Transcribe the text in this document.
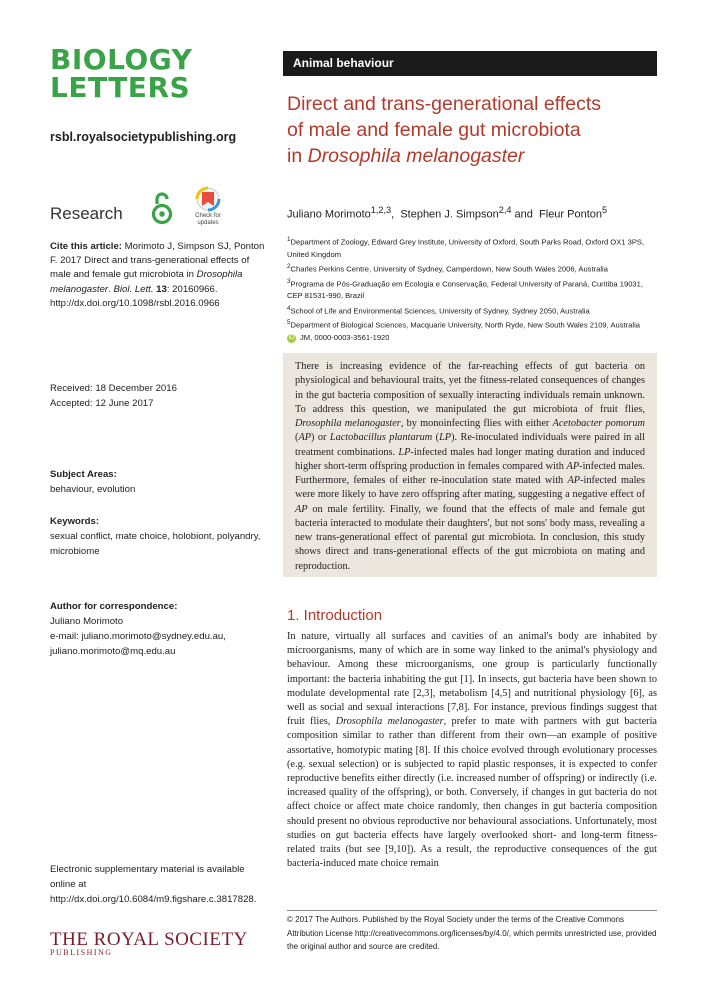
BIOLOGY
LETTERS
rsbl.royalsocietypublishing.org
Research	Check for
updates
Cite this article: Morimoto J, Simpson SJ, Ponton F. 2017 Direct and trans-generational effects of male and female gut microbiota in Drosophila melanogaster. Biol. Lett. 13: 20160966.
http://dx.doi.org/10.1098/rsbl.2016.0966
Received: 18 December 2016
Accepted: 12 June 2017
Subject Areas:
behaviour, evolution
Keywords:
sexual conflict, mate choice, holobiont, polyandry, microbiome
Author for correspondence:
Juliano Morimoto
e-mail: juliano.morimoto@sydney.edu.au,
juliano.morimoto@mq.edu.au
Electronic supplementary material is available online at http://dx.doi.org/10.6084/m9.figshare.c.3817828.
THE ROYAL SOCIETY
PUBLISHING
Animal behaviour
Direct and trans-generational effects
of male and female gut microbiota
in Drosophila melanogaster
Juliano Morimoto$^{1,2,3}$,  Stephen J. Simpson$^{2,4}$ and  Fleur Ponton$^5$
$^1$Department of Zoology, Edward Grey Institute, University of Oxford, South Parks Road, Oxford OX1 3PS, United Kingdom
$^2$Charles Perkins Centre, University of Sydney, Camperdown, New South Wales 2006, Australia
$^3$Programa de Pós-Graduação em Ecologia e Conservação, Federal University of Paraná, Curitiba 19031, CEP 81531-990, Brazil
$^4$School of Life and Environmental Sciences, University of Sydney, Sydney 2050, Australia
$^5$Department of Biological Sciences, Macquarie University, North Ryde, New South Wales 2109, Australia
iD JM, 0000-0003-3561-1920
There is increasing evidence of the far-reaching effects of gut bacteria on physiological and behavioural traits, yet the fitness-related consequences of changes in the gut bacteria composition of sexually interacting individuals remain unknown. To address this question, we manipulated the gut microbiota of fruit flies, Drosophila melanogaster, by monoinfecting flies with either Acetobacter pomorum (AP) or Lactobacillus plantarum (LP). Re-inoculated individuals were paired in all treatment combinations. LP-infected males had longer mating duration and induced higher short-term offspring production in females compared with AP-infected males. Furthermore, females of either re-inoculation state mated with AP-infected males were more likely to have zero offspring after mating, suggesting a negative effect of AP on male fertility. Finally, we found that the effects of male and female gut bacteria interacted to modulate their daughters', but not sons' body mass, revealing a new trans-generational effect of parental gut microbiota. In conclusion, this study shows direct and trans-generational effects of the gut microbiota on mating and reproduction.
1. Introduction
In nature, virtually all surfaces and cavities of an animal's body are inhabited by microorganisms, many of which are in some way linked to the animal's physiology and behaviour. Among these microorganisms, one group is particularly functionally important: the bacteria inhabiting the gut [1]. In insects, gut bacteria have been shown to modulate developmental rate [2,3], metabolism [4,5] and nutritional physiology [6], as well as social and sexual interactions [7,8]. For instance, previous findings suggest that fruit flies, Drosophila melanogaster, prefer to mate with partners with gut bacteria composition similar to rather than different from their own—an example of positive assortative, homotypic mating [8]. If this choice evolved through evolutionary processes (e.g. sexual selection) or is subjected to rapid plastic responses, it is expected to confer reproductive benefits either directly (i.e. increased number of offspring) or indirectly (i.e. increased quality of the offspring), or both. Conversely, if changes in gut bacteria do not affect choice or affect mate choice randomly, then changes in gut bacteria composition should present no obvious reproductive nor behavioural associations. Unfortunately, most studies on gut bacteria effects have largely overlooked short- and long-term fitness-related traits (but see [9,10]). As a result, the reproductive consequences of the gut bacteria-induced mate choice remain
© 2017 The Authors. Published by the Royal Society under the terms of the Creative Commons Attribution License http://creativecommons.org/licenses/by/4.0/, which permits unrestricted use, provided the original author and source are credited.
